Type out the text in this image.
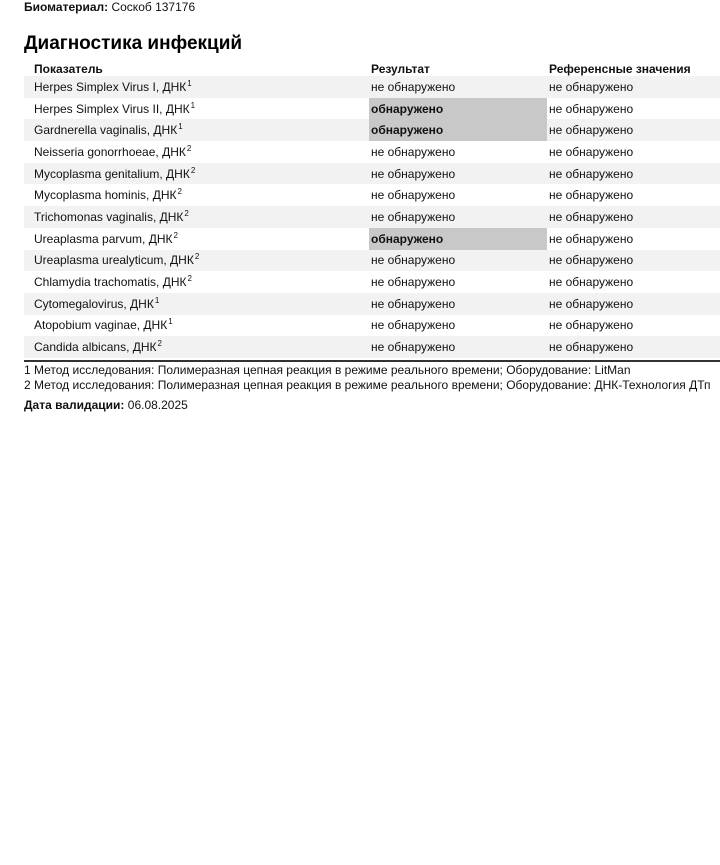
Биоматериал: Соскоб 137176
Диагностика инфекций
Показатель	Результат	Референсные значения
Herpes Simplex Virus I, ДНК$^1$	не обнаружено	не обнаружено
Herpes Simplex Virus II, ДНК$^1$	обнаружено	не обнаружено
Gardnerella vaginalis, ДНК$^1$	обнаружено	не обнаружено
Neisseria gonorrhoeae, ДНК$^2$	не обнаружено	не обнаружено
Mycoplasma genitalium, ДНК$^2$	не обнаружено	не обнаружено
Mycoplasma hominis, ДНК$^2$	не обнаружено	не обнаружено
Trichomonas vaginalis, ДНК$^2$	не обнаружено	не обнаружено
Ureaplasma parvum, ДНК$^2$	обнаружено	не обнаружено
Ureaplasma urealyticum, ДНК$^2$	не обнаружено	не обнаружено
Chlamydia trachomatis, ДНК$^2$	не обнаружено	не обнаружено
Cytomegalovirus, ДНК$^1$	не обнаружено	не обнаружено
Atopobium vaginae, ДНК$^1$	не обнаружено	не обнаружено
Candida albicans, ДНК$^2$	не обнаружено	не обнаружено
1 Метод исследования: Полимеразная цепная реакция в режиме реального времени; Оборудование: LitMan
2 Метод исследования: Полимеразная цепная реакция в режиме реального времени; Оборудование: ДНК-Технология ДТп
Дата валидации: 06.08.2025
